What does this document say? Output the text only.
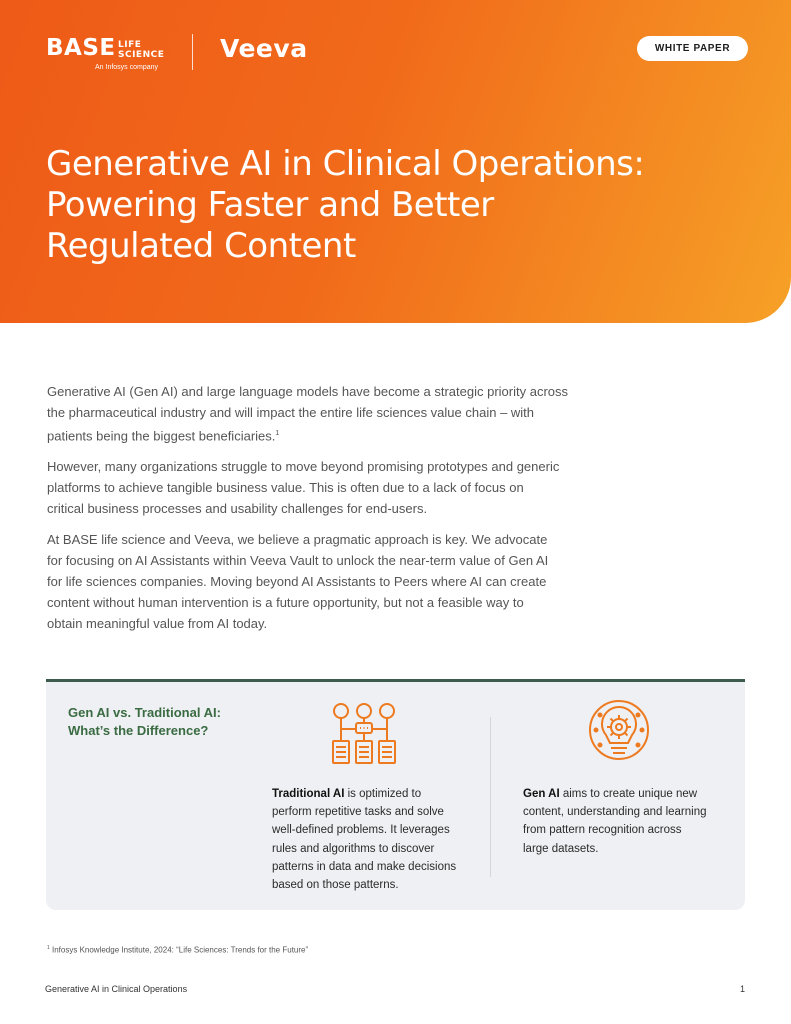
BASE LIFE
SCIENCE
An Infosys company
Veeva	WHITE PAPER
Generative AI in Clinical Operations:
Powering Faster and Better
Regulated Content

Generative AI (Gen AI) and large language models have become a strategic priority across
the pharmaceutical industry and will impact the entire life sciences value chain – with
patients being the biggest beneficiaries.$^1$

However, many organizations struggle to move beyond promising prototypes and generic
platforms to achieve tangible business value. This is often due to a lack of focus on
critical business processes and usability challenges for end-users.

At BASE life science and Veeva, we believe a pragmatic approach is key. We advocate
for focusing on AI Assistants within Veeva Vault to unlock the near-term value of Gen AI
for life sciences companies. Moving beyond AI Assistants to Peers where AI can create
content without human intervention is a future opportunity, but not a feasible way to
obtain meaningful value from AI today.

Gen AI vs. Traditional AI:
What’s the Difference?
Traditional AI is optimized to
perform repetitive tasks and solve
well-defined problems. It leverages
rules and algorithms to discover
patterns in data and make decisions
based on those patterns.
Gen AI aims to create unique new
content, understanding and learning
from pattern recognition across
large datasets.
$^1$ Infosys Knowledge Institute, 2024: “Life Sciences: Trends for the Future”
Generative AI in Clinical Operations	1
